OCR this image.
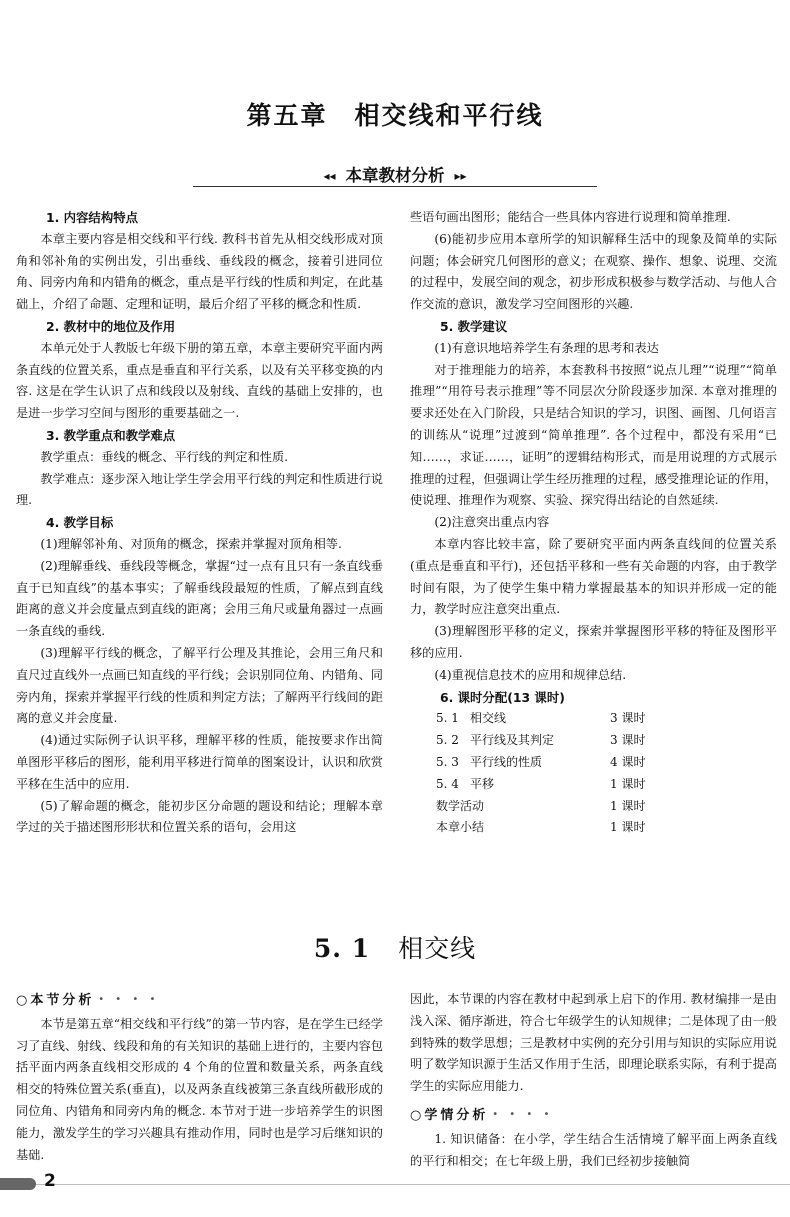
第五章　相交线和平行线
◂◂ 本章教材分析 ▸▸

1. 内容结构特点

本章主要内容是相交线和平行线. 教科书首先从相交线形成对顶角和邻补角的实例出发，引出垂线、垂线段的概念，接着引进同位角、同旁内角和内错角的概念，重点是平行线的性质和判定，在此基础上，介绍了命题、定理和证明，最后介绍了平移的概念和性质.

2. 教材中的地位及作用

本单元处于人教版七年级下册的第五章，本章主要研究平面内两条直线的位置关系，重点是垂直和平行关系，以及有关平移变换的内容. 这是在学生认识了点和线段以及射线、直线的基础上安排的，也是进一步学习空间与图形的重要基础之一.

3. 教学重点和教学难点

教学重点：垂线的概念、平行线的判定和性质.

教学难点：逐步深入地让学生学会用平行线的判定和性质进行说理.

4. 教学目标

(1)理解邻补角、对顶角的概念，探索并掌握对顶角相等.

(2)理解垂线、垂线段等概念，掌握“过一点有且只有一条直线垂直于已知直线”的基本事实；了解垂线段最短的性质，了解点到直线距离的意义并会度量点到直线的距离；会用三角尺或量角器过一点画一条直线的垂线.

(3)理解平行线的概念，了解平行公理及其推论，会用三角尺和直尺过直线外一点画已知直线的平行线；会识别同位角、内错角、同旁内角，探索并掌握平行线的性质和判定方法；了解两平行线间的距离的意义并会度量.

(4)通过实际例子认识平移，理解平移的性质，能按要求作出简单图形平移后的图形，能利用平移进行简单的图案设计，认识和欣赏平移在生活中的应用.

(5)了解命题的概念，能初步区分命题的题设和结论；理解本章学过的关于描述图形形状和位置关系的语句，会用这

些语句画出图形；能结合一些具体内容进行说理和简单推理.

(6)能初步应用本章所学的知识解释生活中的现象及简单的实际问题；体会研究几何图形的意义；在观察、操作、想象、说理、交流的过程中，发展空间的观念，初步形成积极参与数学活动、与他人合作交流的意识，激发学习空间图形的兴趣.

5. 教学建议

(1)有意识地培养学生有条理的思考和表达

对于推理能力的培养，本套教科书按照“说点儿理”“说理”“简单推理”“用符号表示推理”等不同层次分阶段逐步加深. 本章对推理的要求还处在入门阶段，只是结合知识的学习，识图、画图、几何语言的训练从“说理”过渡到“简单推理”. 各个过程中，都没有采用“已知……，求证……，证明”的逻辑结构形式，而是用说理的方式展示推理的过程，但强调让学生经历推理的过程，感受推理论证的作用，使说理、推理作为观察、实验、探究得出结论的自然延续.

(2)注意突出重点内容

本章内容比较丰富，除了要研究平面内两条直线间的位置关系(重点是垂直和平行)，还包括平移和一些有关命题的内容，由于教学时间有限，为了使学生集中精力掌握最基本的知识并形成一定的能力，教学时应注意突出重点.

(3)理解图形平移的定义，探索并掌握图形平移的特征及图形平移的应用.

(4)重视信息技术的应用和规律总结.

6. 课时分配(13 课时)

5. 1	相交线	3 课时
5. 2	平行线及其判定	3 课时
5. 3	平行线的性质	4 课时
5. 4	平移	1 课时
数学活动		1 课时
本章小结		1 课时
5. 1 相交线

○本节分析 • • • •

本节是第五章“相交线和平行线”的第一节内容，是在学生已经学习了直线、射线、线段和角的有关知识的基础上进行的，主要内容包括平面内两条直线相交形成的 4 个角的位置和数量关系，两条直线相交的特殊位置关系(垂直)，以及两条直线被第三条直线所截形成的同位角、内错角和同旁内角的概念. 本节对于进一步培养学生的识图能力，激发学生的学习兴趣具有推动作用，同时也是学习后继知识的基础.

因此，本节课的内容在教材中起到承上启下的作用. 教材编排一是由浅入深、循序渐进，符合七年级学生的认知规律；二是体现了由一般到特殊的数学思想；三是教材中实例的充分引用与知识的实际应用说明了数学知识源于生活又作用于生活，即理论联系实际，有利于提高学生的实际应用能力.

○学情分析 • • • •

1. 知识储备：在小学，学生结合生活情境了解平面上两条直线的平行和相交；在七年级上册，我们已经初步接触简

2
